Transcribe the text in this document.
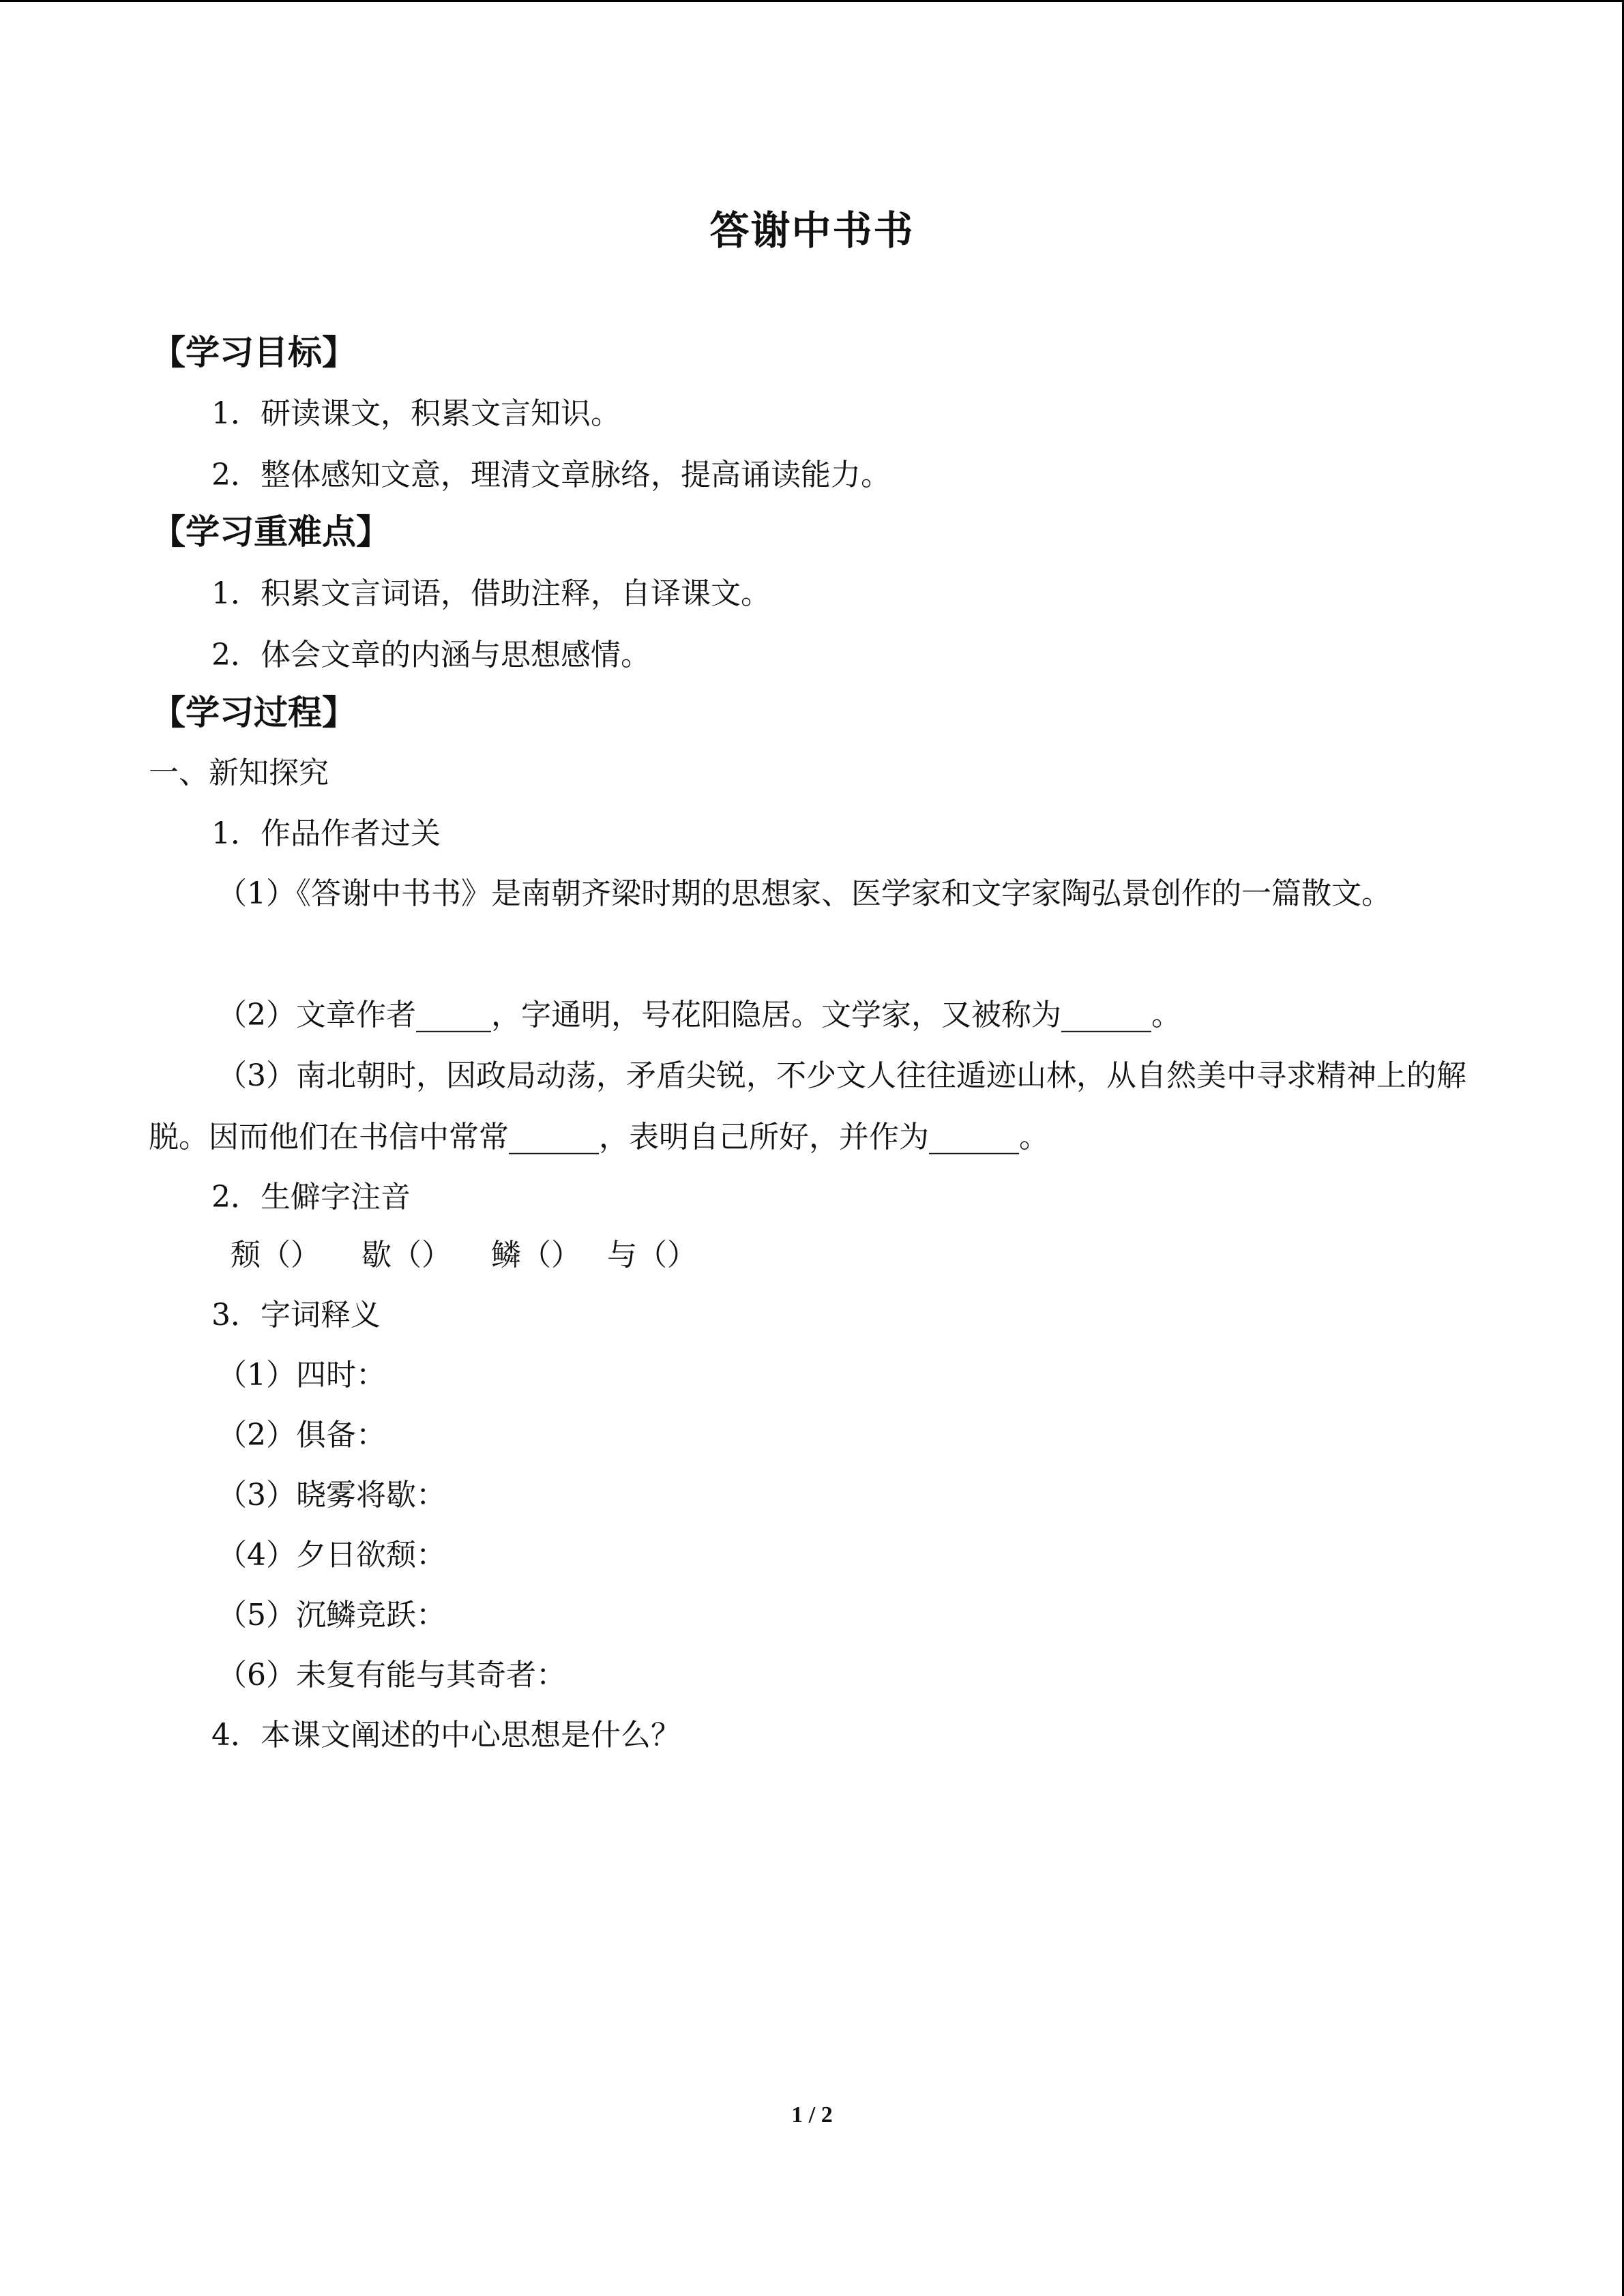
答谢中书书
【学习目标】
1．研读课文，积累文言知识。
2．整体感知文意，理清文章脉络，提高诵读能力。
【学习重难点】
1．积累文言词语，借助注释，自译课文。
2．体会文章的内涵与思想感情。
【学习过程】
一、新知探究
1．作品作者过关
（1）《答谢中书书》是南朝齐梁时期的思想家、医学家和文字家陶弘景创作的一篇散文。
（2）文章作者_____，字通明，号花阳隐居。文学家，又被称为______。
（3）南北朝时，因政局动荡，矛盾尖锐，不少文人往往遁迹山林，从自然美中寻求精神上的解脱。因而他们在书信中常常______，表明自己所好，并作为______。
2．生僻字注音
颓（） 歇（） 鳞（） 与（）
3．字词释义
（1）四时：
（2）俱备：
（3）晓雾将歇：
（4）夕日欲颓：
（5）沉鳞竞跃：
（6）未复有能与其奇者：
4．本课文阐述的中心思想是什么？
1 / 2
